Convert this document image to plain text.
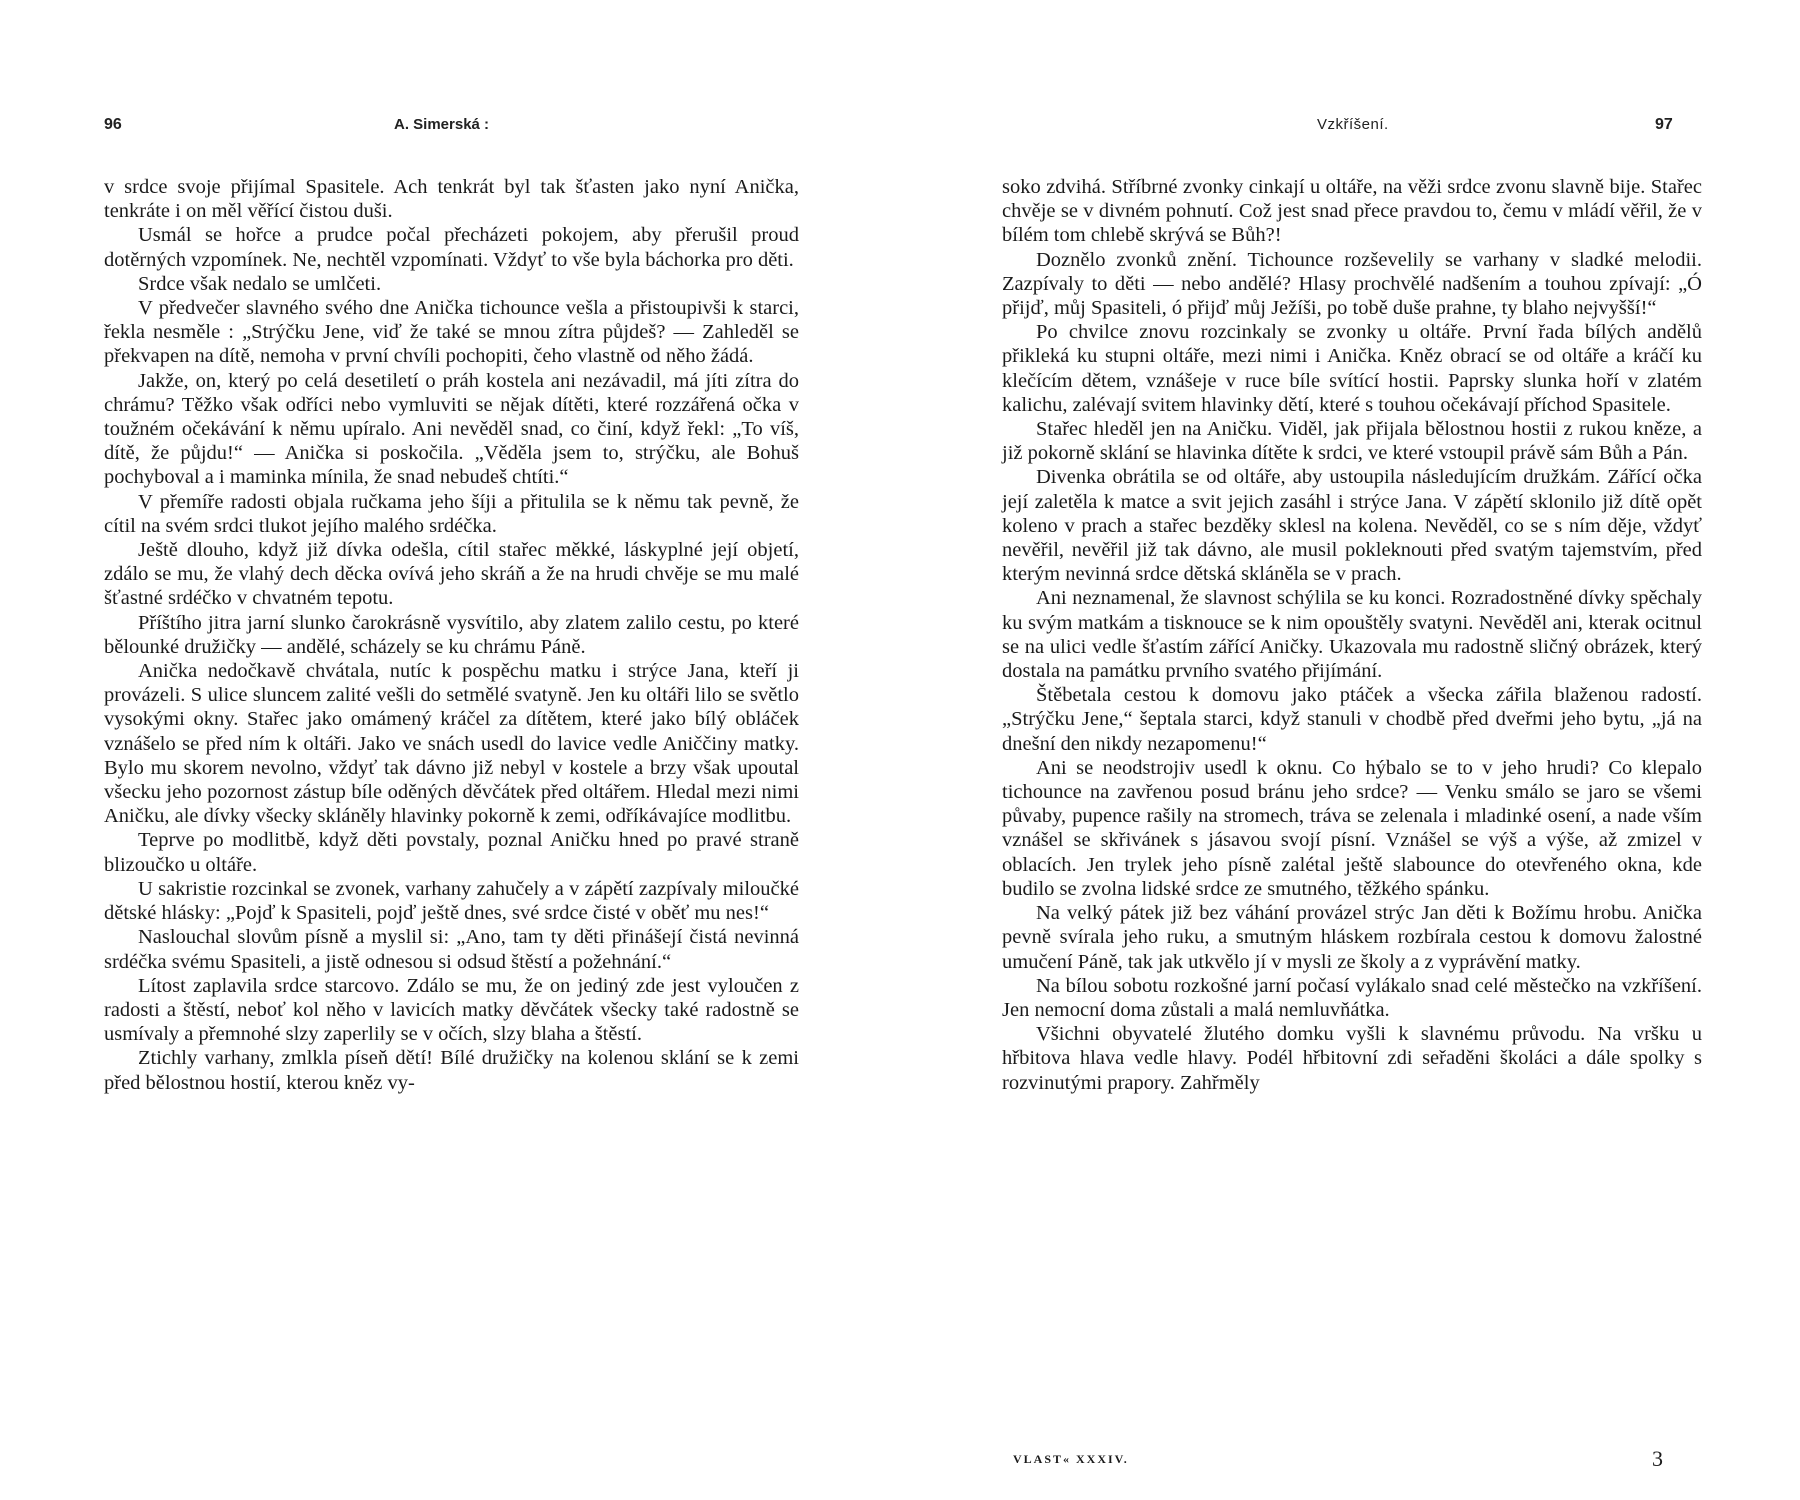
96	A. Simerská :

v srdce svoje přijímal Spasitele. Ach tenkrát byl tak šťasten jako nyní Anička, tenkráte i on měl věřící čistou duši.

Usmál se hořce a prudce počal přecházeti pokojem, aby přerušil proud dotěrných vzpomínek. Ne, nechtěl vzpomínati. Vždyť to vše byla báchorka pro děti.

Srdce však nedalo se umlčeti.

V předvečer slavného svého dne Anička tichounce vešla a přistoupivši k starci, řekla nesměle : „Strýčku Jene, viď že také se mnou zítra půjdeš? — Zahleděl se překvapen na dítě, nemoha v první chvíli pochopiti, čeho vlastně od něho žádá.

Jakže, on, který po celá desetiletí o práh kostela ani nezávadil, má jíti zítra do chrámu? Těžko však odříci nebo vymluviti se nějak dítěti, které rozzářená očka v toužném očekávání k němu upíralo. Ani nevěděl snad, co činí, když řekl: „To víš, dítě, že půjdu!“ — Anička si poskočila. „Věděla jsem to, strýčku, ale Bohuš pochyboval a i maminka mínila, že snad nebudeš chtíti.“

V přemíře radosti objala ručkama jeho šíji a přitulila se k němu tak pevně, že cítil na svém srdci tlukot jejího malého srdéčka.

Ještě dlouho, když již dívka odešla, cítil stařec měkké, láskyplné její objetí, zdálo se mu, že vlahý dech děcka ovívá jeho skráň a že na hrudi chvěje se mu malé šťastné srdéčko v chvatném tepotu.

Příštího jitra jarní slunko čarokrásně vysvítilo, aby zlatem zalilo cestu, po které bělounké družičky — andělé, scházely se ku chrámu Páně.

Anička nedočkavě chvátala, nutíc k pospěchu matku i strýce Jana, kteří ji provázeli. S ulice sluncem zalité vešli do setmělé svatyně. Jen ku oltáři lilo se světlo vysokými okny. Stařec jako omámený kráčel za dítětem, které jako bílý obláček vznášelo se před ním k oltáři. Jako ve snách usedl do lavice vedle Aniččiny matky. Bylo mu skorem nevolno, vždyť tak dávno již nebyl v kostele a brzy však upoutal všecku jeho pozornost zástup bíle oděných děvčátek před oltářem. Hledal mezi nimi Aničku, ale dívky všecky skláněly hlavinky pokorně k zemi, odříkávajíce modlitbu.

Teprve po modlitbě, když děti povstaly, poznal Aničku hned po pravé straně blizoučko u oltáře.

U sakristie rozcinkal se zvonek, varhany zahučely a v zápětí zazpívaly miloučké dětské hlásky: „Pojď k Spasiteli, pojď ještě dnes, své srdce čisté v oběť mu nes!“

Naslouchal slovům písně a myslil si: „Ano, tam ty děti přinášejí čistá nevinná srdéčka svému Spasiteli, a jistě odnesou si odsud štěstí a požehnání.“

Lítost zaplavila srdce starcovo. Zdálo se mu, že on jediný zde jest vyloučen z radosti a štěstí, neboť kol něho v lavicích matky děvčátek všecky také radostně se usmívaly a přemnohé slzy zaperlily se v očích, slzy blaha a štěstí.

Ztichly varhany, zmlkla píseň dětí! Bílé družičky na kolenou sklání se k zemi před bělostnou hostií, kterou kněz vy-

Vzkříšení.	97

soko zdvihá. Stříbrné zvonky cinkají u oltáře, na věži srdce zvonu slavně bije. Stařec chvěje se v divném pohnutí. Což jest snad přece pravdou to, čemu v mládí věřil, že v bílém tom chlebě skrývá se Bůh?!

Doznělo zvonků znění. Tichounce rozševelily se varhany v sladké melodii. Zazpívaly to děti — nebo andělé? Hlasy prochvělé nadšením a touhou zpívají: „Ó přijď, můj Spasiteli, ó přijď můj Ježíši, po tobě duše prahne, ty blaho nejvyšší!“

Po chvilce znovu rozcinkaly se zvonky u oltáře. První řada bílých andělů přikleká ku stupni oltáře, mezi nimi i Anička. Kněz obrací se od oltáře a kráčí ku klečícím dětem, vznášeje v ruce bíle svítící hostii. Paprsky slunka hoří v zlatém kalichu, zalévají svitem hlavinky dětí, které s touhou očekávají příchod Spasitele.

Stařec hleděl jen na Aničku. Viděl, jak přijala bělostnou hostii z rukou kněze, a již pokorně sklání se hlavinka dítěte k srdci, ve které vstoupil právě sám Bůh a Pán.

Divenka obrátila se od oltáře, aby ustoupila následujícím družkám. Zářící očka její zaletěla k matce a svit jejich zasáhl i strýce Jana. V zápětí sklonilo již dítě opět koleno v prach a stařec bezděky sklesl na kolena. Nevěděl, co se s ním děje, vždyť nevěřil, nevěřil již tak dávno, ale musil pokleknouti před svatým tajemstvím, před kterým nevinná srdce dětská skláněla se v prach.

Ani neznamenal, že slavnost schýlila se ku konci. Rozradostněné dívky spěchaly ku svým matkám a tisknouce se k nim opouštěly svatyni. Nevěděl ani, kterak ocitnul se na ulici vedle šťastím zářící Aničky. Ukazovala mu radostně sličný obrázek, který dostala na památku prvního svatého přijímání.

Štěbetala cestou k domovu jako ptáček a všecka zářila blaženou radostí. „Strýčku Jene,“ šeptala starci, když stanuli v chodbě před dveřmi jeho bytu, „já na dnešní den nikdy nezapomenu!“

Ani se neodstrojiv usedl k oknu. Co hýbalo se to v jeho hrudi? Co klepalo tichounce na zavřenou posud bránu jeho srdce? — Venku smálo se jaro se všemi půvaby, pupence rašily na stromech, tráva se zelenala i mladinké osení, a nade vším vznášel se skřivánek s jásavou svojí písní. Vznášel se výš a výše, až zmizel v oblacích. Jen trylek jeho písně zalétal ještě slabounce do otevřeného okna, kde budilo se zvolna lidské srdce ze smutného, těžkého spánku.

Na velký pátek již bez váhání provázel strýc Jan děti k Božímu hrobu. Anička pevně svírala jeho ruku, a smutným hláskem rozbírala cestou k domovu žalostné umučení Páně, tak jak utkvělo jí v mysli ze školy a z vyprávění matky.

Na bílou sobotu rozkošné jarní počasí vylákalo snad celé městečko na vzkříšení. Jen nemocní doma zůstali a malá nemluvňátka.

Všichni obyvatelé žlutého domku vyšli k slavnému průvodu. Na vršku u hřbitova hlava vedle hlavy. Podél hřbitovní zdi seřaděni školáci a dále spolky s rozvinutými prapory. Zahřměly

VLAST« XXXIV.	3
